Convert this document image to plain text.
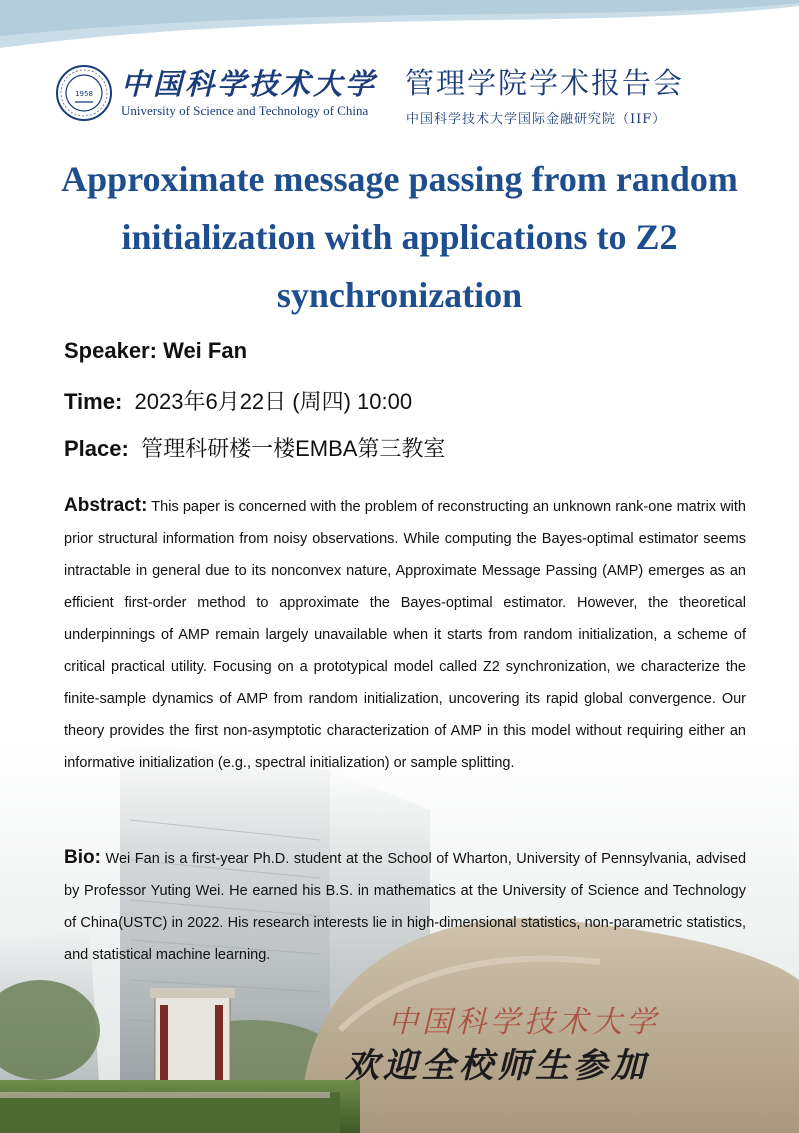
1958 中国科学技术大学
University of Science and Technology of China
管理学院学术报告会
中国科学技术大学国际金融研究院（IIF）
Approximate message passing from random initialization with applications to Z2 synchronization
Speaker: Wei Fan
Time: 2023年6月22日 (周四) 10:00
Place: 管理科研楼一楼EMBA第三教室
中国科学技术大学
欢迎全校师生参加
Abstract: This paper is concerned with the problem of reconstructing an unknown rank-one matrix with prior structural information from noisy observations. While computing the Bayes-optimal estimator seems intractable in general due to its nonconvex nature, Approximate Message Passing (AMP) emerges as an efficient first-order method to approximate the Bayes-optimal estimator. However, the theoretical underpinnings of AMP remain largely unavailable when it starts from random initialization, a scheme of critical practical utility. Focusing on a prototypical model called Z2 synchronization, we characterize the finite-sample dynamics of AMP from random initialization, uncovering its rapid global convergence. Our theory provides the first non-asymptotic characterization of AMP in this model without requiring either an informative initialization (e.g., spectral initialization) or sample splitting.
Bio: Wei Fan is a first-year Ph.D. student at the School of Wharton, University of Pennsylvania, advised by Professor Yuting Wei. He earned his B.S. in mathematics at the University of Science and Technology of China(USTC) in 2022. His research interests lie in high-dimensional statistics, non-parametric statistics, and statistical machine learning.
